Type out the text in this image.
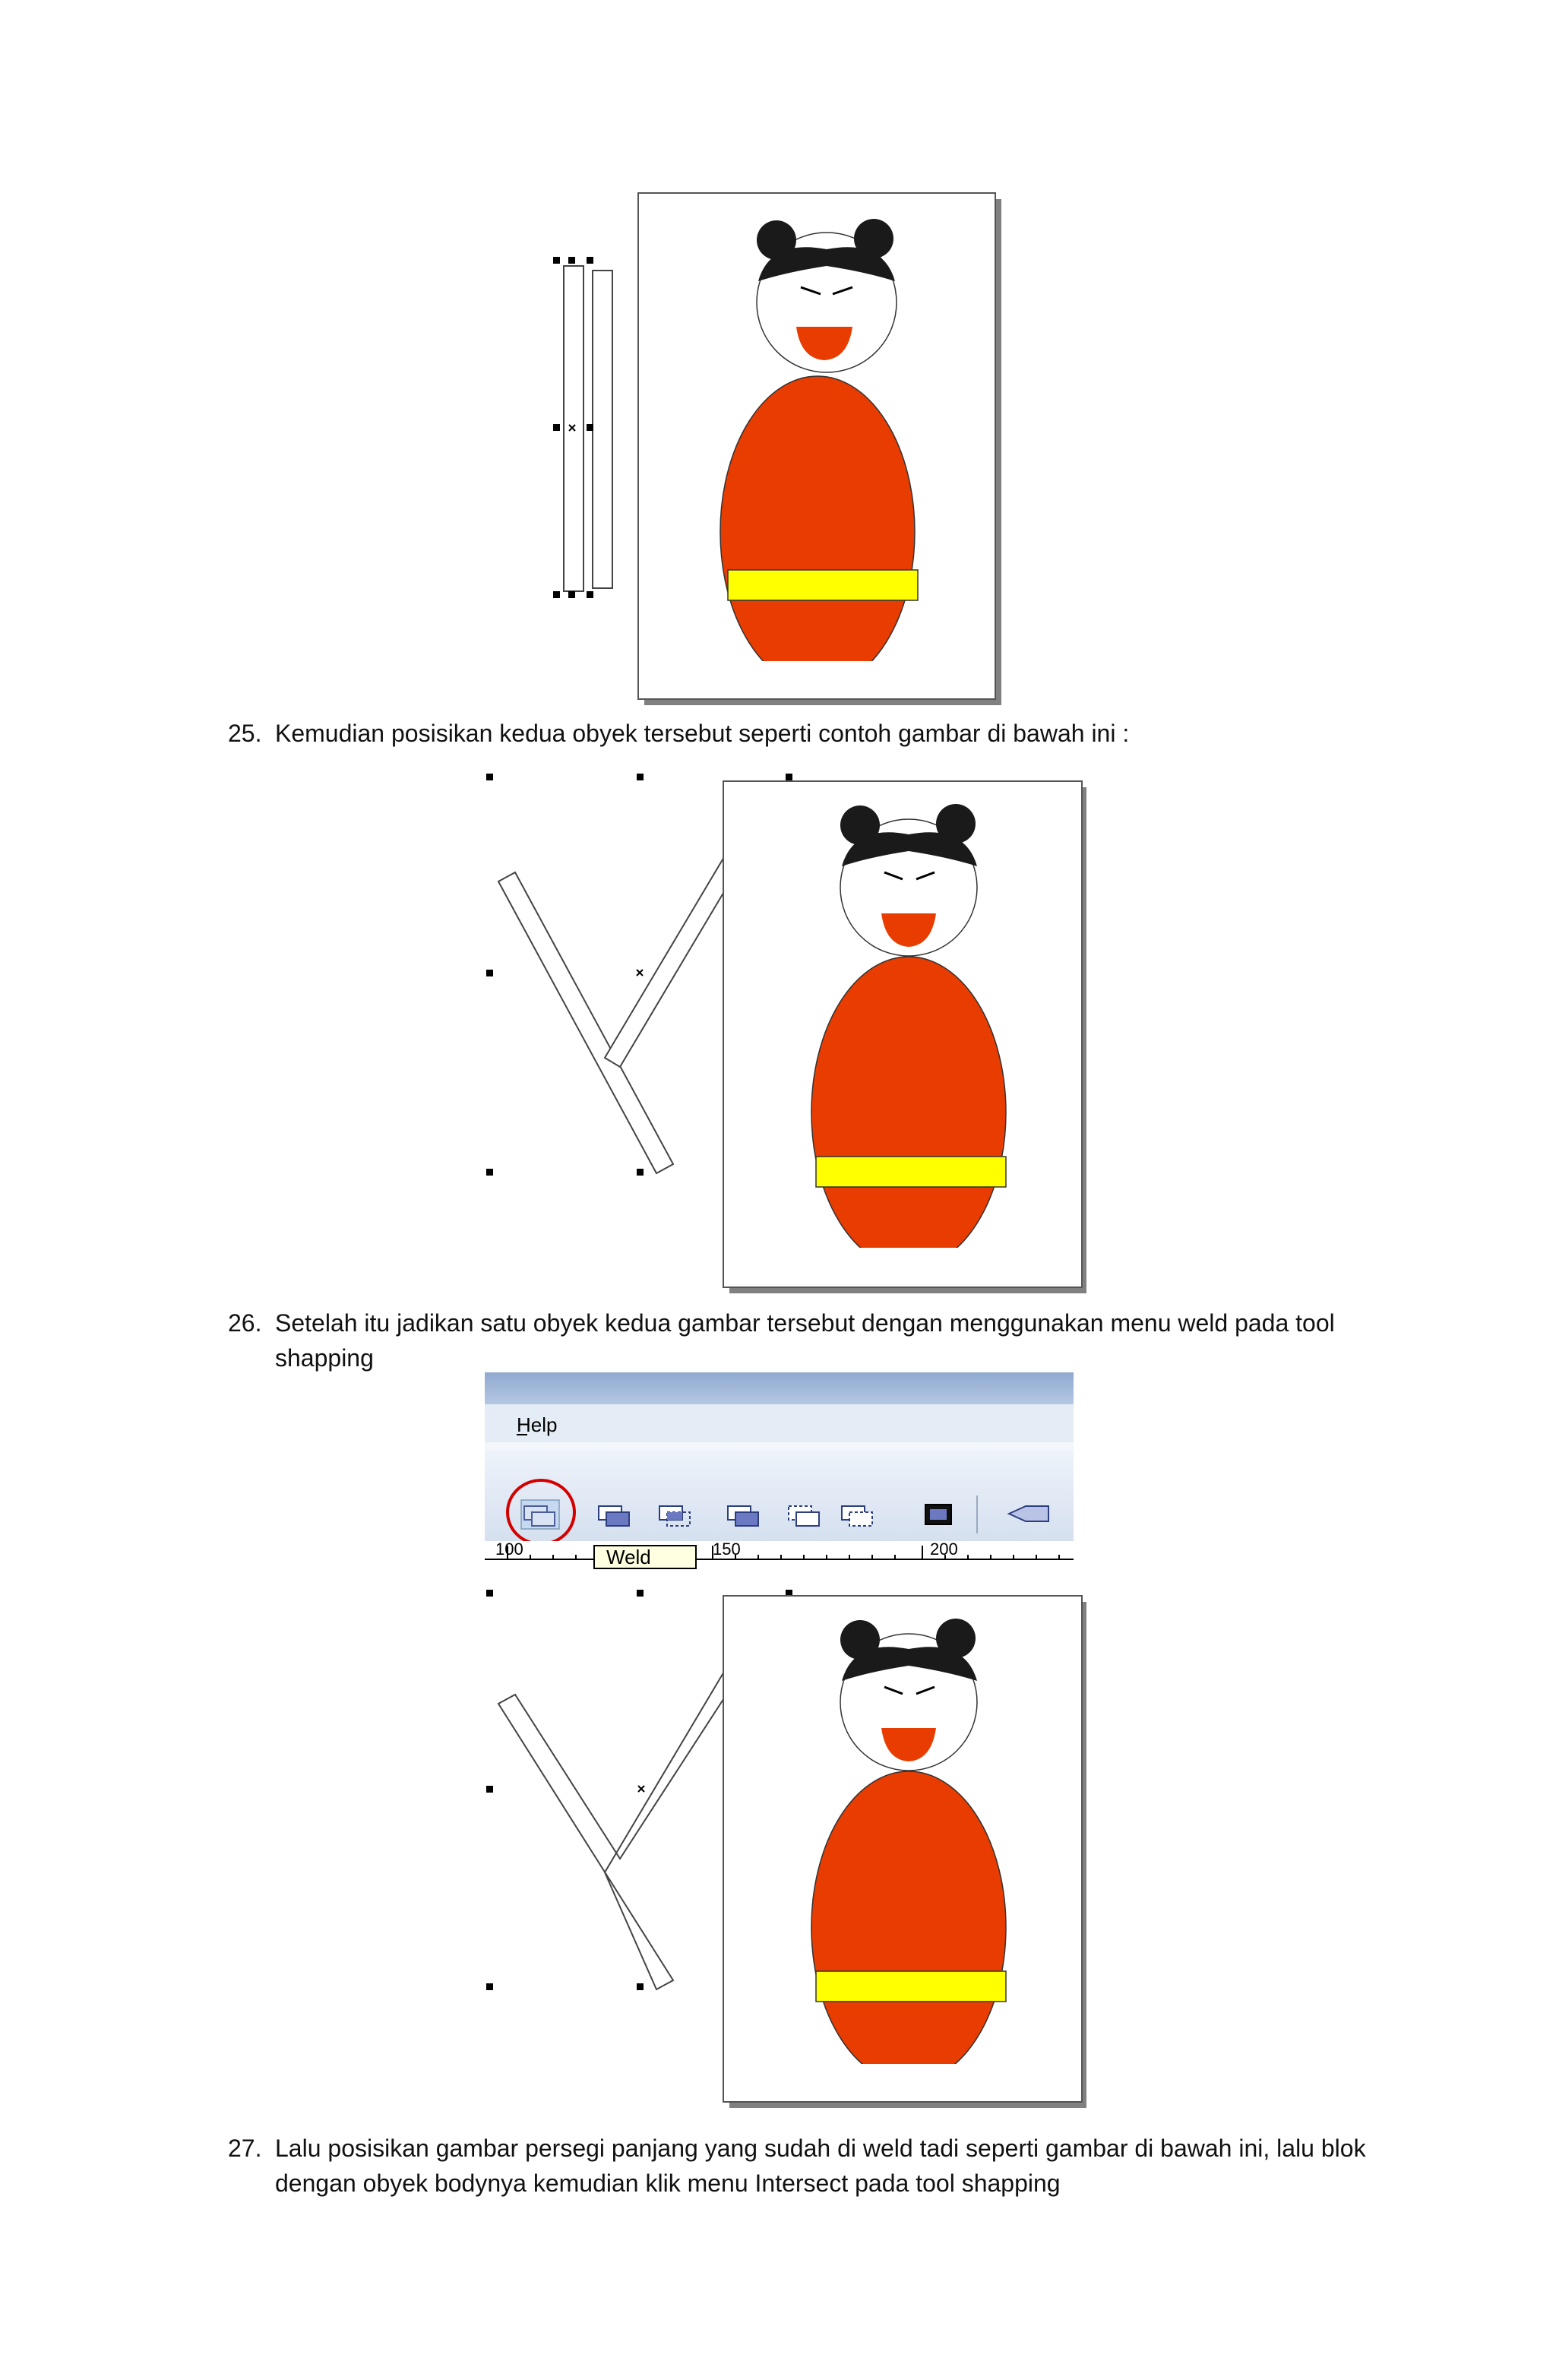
25. Kemudian posisikan kedua obyek tersebut seperti contoh gambar di bawah ini :
26. Setelah itu jadikan satu obyek kedua gambar tersebut dengan menggunakan menu weld pada tool shapping
Help
100	150	200
Weld
27. Lalu posisikan gambar persegi panjang yang sudah di weld tadi seperti gambar di bawah ini, lalu blok dengan obyek bodynya kemudian klik menu Intersect pada tool shapping
